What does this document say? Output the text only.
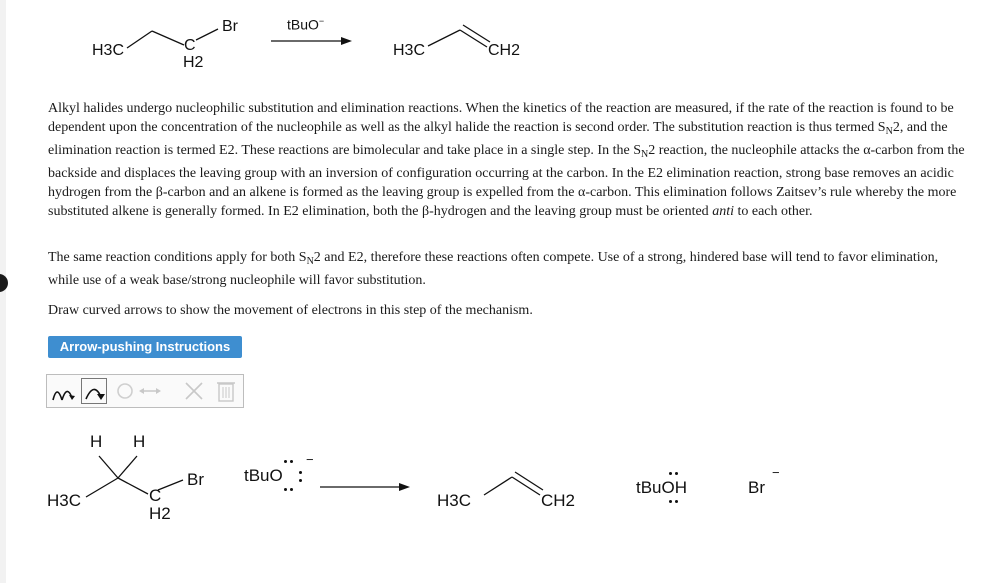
H3C	C
H2
Br	tBuO−
H3C	CH2

Alkyl halides undergo nucleophilic substitution and elimination reactions. When the kinetics of the reaction are measured, if the rate of the reaction is found to be dependent upon the concentration of the nucleophile as well as the alkyl halide the reaction is second order. The substitution reaction is thus termed $S_N2$, and the elimination reaction is termed E2. These reactions are bimolecular and take place in a single step. In the $S_N2$ reaction, the nucleophile attacks the α-carbon from the backside and displaces the leaving group with an inversion of configuration occurring at the carbon. In the E2 elimination reaction, strong base removes an acidic hydrogen from the β-carbon and an alkene is formed as the leaving group is expelled from the α-carbon. This elimination follows Zaitsev’s rule whereby the more substituted alkene is generally formed. In E2 elimination, both the β-hydrogen and the leaving group must be oriented anti to each other.

The same reaction conditions apply for both $S_N2$ and E2, therefore these reactions often compete. Use of a strong, hindered base will tend to favor elimination, while use of a weak base/strong nucleophile will favor substitution.

Draw curved arrows to show the movement of electrons in this step of the mechanism.

Arrow-pushing Instructions
H H
H3C	C
H2
Br tBuO
−
H3C	CH2
tBuOH	Br
−
